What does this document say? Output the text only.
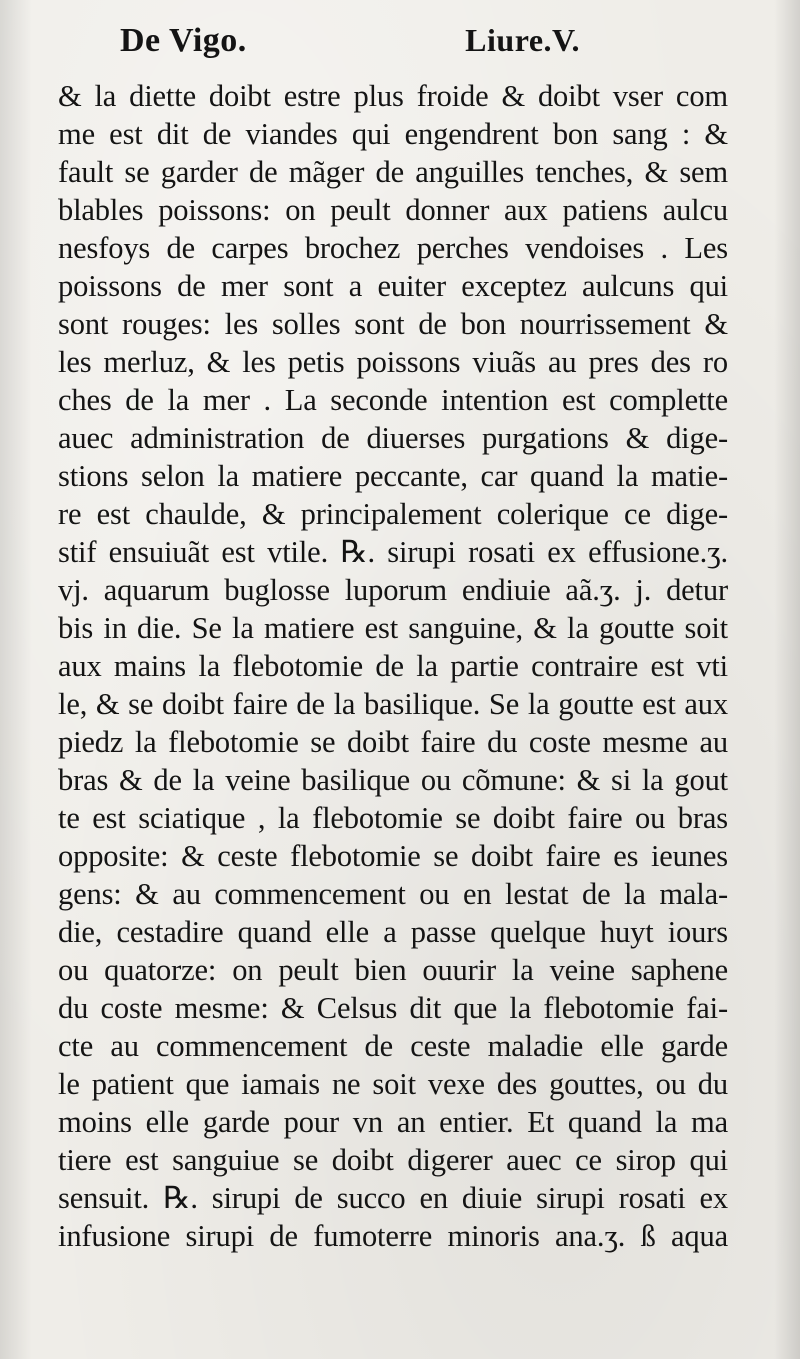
De Vigo.	Liure.V.
& la diette doibt estre plus froide & doibt vser com
me est dit de viandes qui engendrent bon sang : &
fault se garder de mãger de anguilles tenches, & sem
blables poissons: on peult donner aux patiens aulcu
nesfoys de carpes brochez perches vendoises . Les
poissons de mer sont a euiter exceptez aulcuns qui
sont rouges: les solles sont de bon nourrissement &
les merluz, & les petis poissons viuãs au pres des ro
ches de la mer . La seconde intention est complette
auec administration de diuerses purgations & dige-
stions selon la matiere peccante, car quand la matie-
re est chaulde, & principalement colerique ce dige-
stif ensuiuãt est vtile. ℞. sirupi rosati ex effusione.ʒ.
vj. aquarum buglosse luporum endiuie aã.ʒ. j. detur
bis in die. Se la matiere est sanguine, & la goutte soit
aux mains la flebotomie de la partie contraire est vti
le, & se doibt faire de la basilique. Se la goutte est aux
piedz la flebotomie se doibt faire du coste mesme au
bras & de la veine basilique ou cõmune: & si la gout
te est sciatique , la flebotomie se doibt faire ou bras
opposite: & ceste flebotomie se doibt faire es ieunes
gens: & au commencement ou en lestat de la mala-
die, cestadire quand elle a passe quelque huyt iours
ou quatorze: on peult bien ouurir la veine saphene
du coste mesme: & Celsus dit que la flebotomie fai-
cte au commencement de ceste maladie elle garde
le patient que iamais ne soit vexe des gouttes, ou du
moins elle garde pour vn an entier. Et quand la ma
tiere est sanguiue se doibt digerer auec ce sirop qui
sensuit. ℞. sirupi de succo en diuie sirupi rosati ex
infusione sirupi de fumoterre minoris ana.ʒ. ß aqua
